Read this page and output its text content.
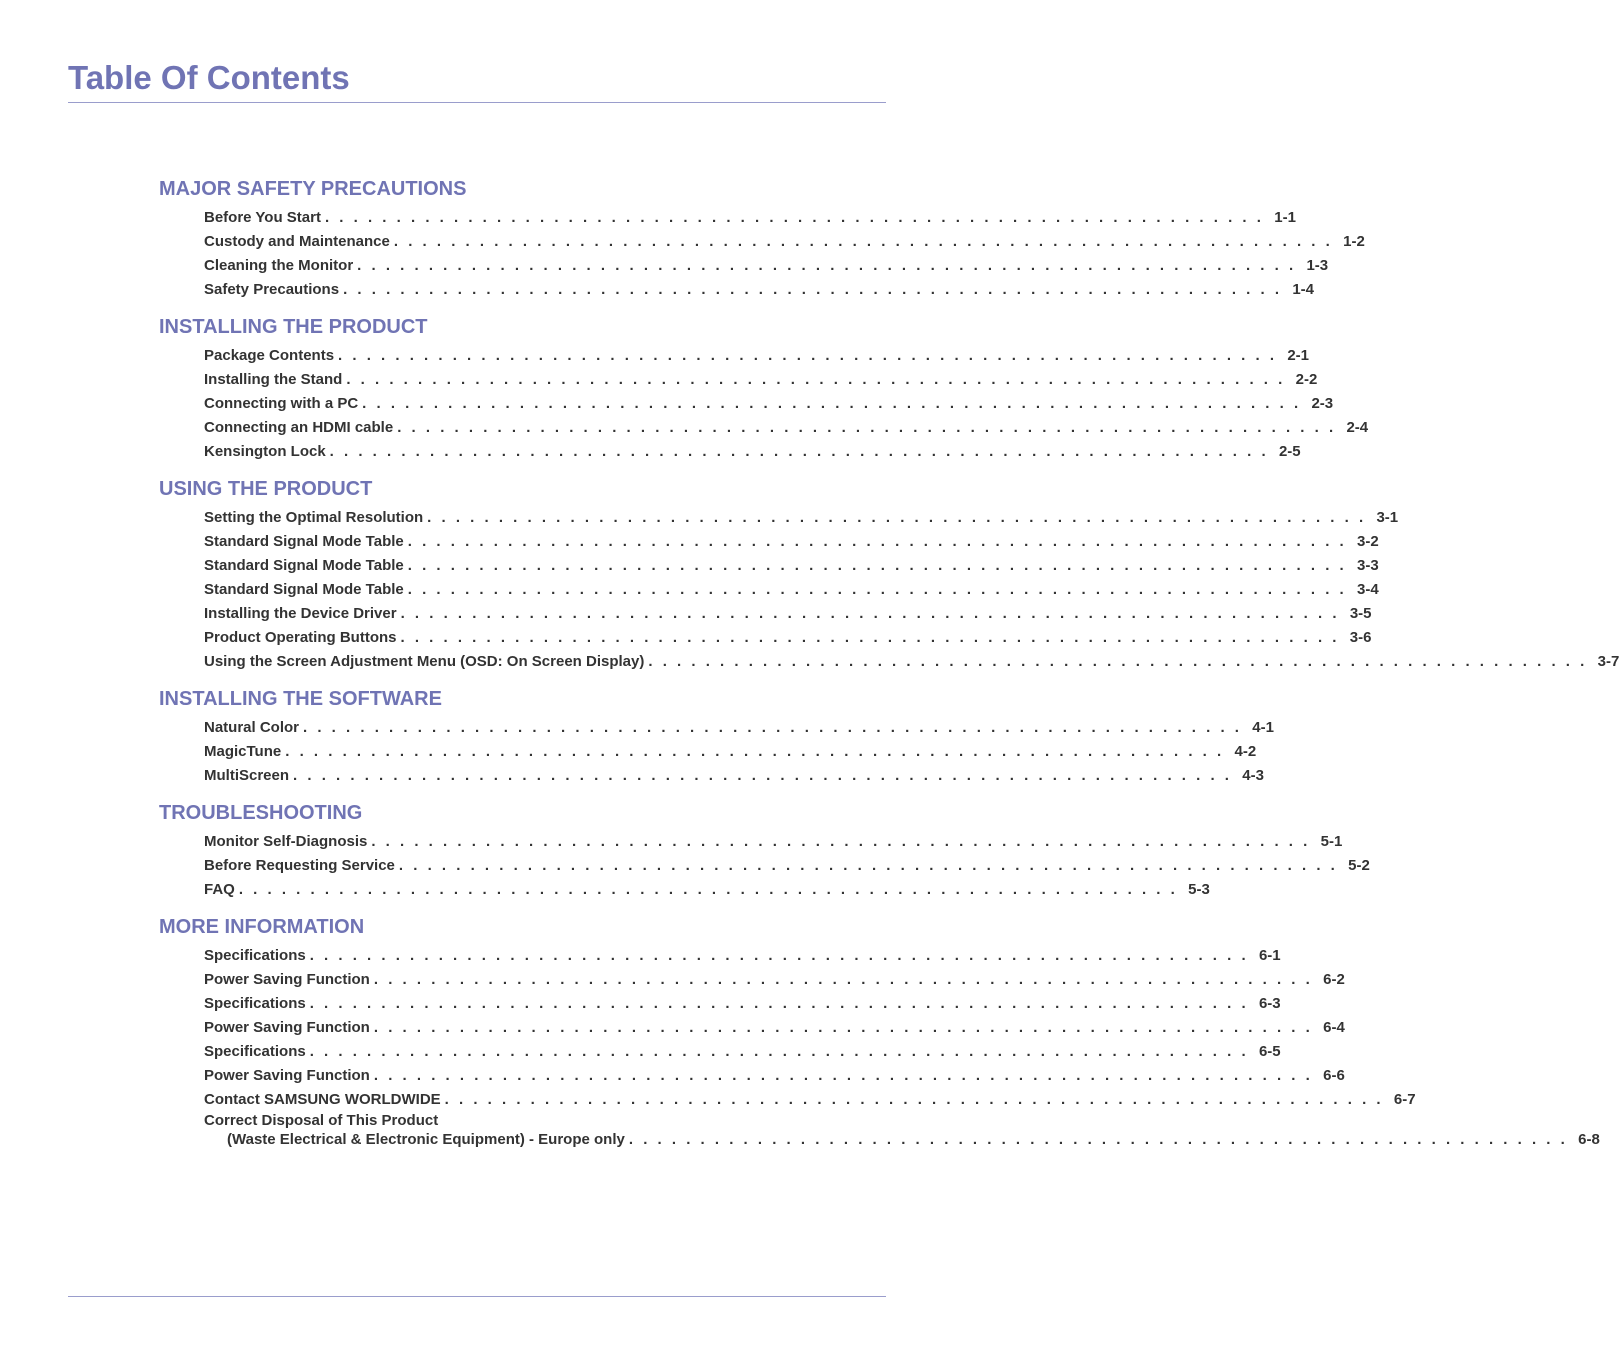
Table Of Contents
MAJOR SAFETY PRECAUTIONS
Before You Start . . . . . . . . . . . . . . . . . . . . . . . . . . . . . . . . . . . . . . . . . . . . . . . . . . . . . . . . . . . . . . . . . . 1-1
Custody and Maintenance . . . . . . . . . . . . . . . . . . . . . . . . . . . . . . . . . . . . . . . . . . . . . . . . . . . . . . . . . . . . . . . . . . 1-2
Cleaning the Monitor . . . . . . . . . . . . . . . . . . . . . . . . . . . . . . . . . . . . . . . . . . . . . . . . . . . . . . . . . . . . . . . . . . 1-3
Safety Precautions . . . . . . . . . . . . . . . . . . . . . . . . . . . . . . . . . . . . . . . . . . . . . . . . . . . . . . . . . . . . . . . . . . 1-4
INSTALLING THE PRODUCT
Package Contents . . . . . . . . . . . . . . . . . . . . . . . . . . . . . . . . . . . . . . . . . . . . . . . . . . . . . . . . . . . . . . . . . . 2-1
Installing the Stand . . . . . . . . . . . . . . . . . . . . . . . . . . . . . . . . . . . . . . . . . . . . . . . . . . . . . . . . . . . . . . . . . . 2-2
Connecting with a PC . . . . . . . . . . . . . . . . . . . . . . . . . . . . . . . . . . . . . . . . . . . . . . . . . . . . . . . . . . . . . . . . . . 2-3
Connecting an HDMI cable . . . . . . . . . . . . . . . . . . . . . . . . . . . . . . . . . . . . . . . . . . . . . . . . . . . . . . . . . . . . . . . . . . 2-4
Kensington Lock . . . . . . . . . . . . . . . . . . . . . . . . . . . . . . . . . . . . . . . . . . . . . . . . . . . . . . . . . . . . . . . . . . 2-5
USING THE PRODUCT
Setting the Optimal Resolution . . . . . . . . . . . . . . . . . . . . . . . . . . . . . . . . . . . . . . . . . . . . . . . . . . . . . . . . . . . . . . . . . . 3-1
Standard Signal Mode Table . . . . . . . . . . . . . . . . . . . . . . . . . . . . . . . . . . . . . . . . . . . . . . . . . . . . . . . . . . . . . . . . . . 3-2
Standard Signal Mode Table . . . . . . . . . . . . . . . . . . . . . . . . . . . . . . . . . . . . . . . . . . . . . . . . . . . . . . . . . . . . . . . . . . 3-3
Standard Signal Mode Table . . . . . . . . . . . . . . . . . . . . . . . . . . . . . . . . . . . . . . . . . . . . . . . . . . . . . . . . . . . . . . . . . . 3-4
Installing the Device Driver . . . . . . . . . . . . . . . . . . . . . . . . . . . . . . . . . . . . . . . . . . . . . . . . . . . . . . . . . . . . . . . . . . 3-5
Product Operating Buttons . . . . . . . . . . . . . . . . . . . . . . . . . . . . . . . . . . . . . . . . . . . . . . . . . . . . . . . . . . . . . . . . . . 3-6
Using the Screen Adjustment Menu (OSD: On Screen Display) . . . . . . . . . . . . . . . . . . . . . . . . . . . . . . . . . . . . . . . . . . . . . . . . . . . . . . . . . . . . . . . . . . 3-7
INSTALLING THE SOFTWARE
Natural Color . . . . . . . . . . . . . . . . . . . . . . . . . . . . . . . . . . . . . . . . . . . . . . . . . . . . . . . . . . . . . . . . . . 4-1
MagicTune . . . . . . . . . . . . . . . . . . . . . . . . . . . . . . . . . . . . . . . . . . . . . . . . . . . . . . . . . . . . . . . . . . 4-2
MultiScreen . . . . . . . . . . . . . . . . . . . . . . . . . . . . . . . . . . . . . . . . . . . . . . . . . . . . . . . . . . . . . . . . . . 4-3
TROUBLESHOOTING
Monitor Self-Diagnosis . . . . . . . . . . . . . . . . . . . . . . . . . . . . . . . . . . . . . . . . . . . . . . . . . . . . . . . . . . . . . . . . . . 5-1
Before Requesting Service . . . . . . . . . . . . . . . . . . . . . . . . . . . . . . . . . . . . . . . . . . . . . . . . . . . . . . . . . . . . . . . . . . 5-2
FAQ . . . . . . . . . . . . . . . . . . . . . . . . . . . . . . . . . . . . . . . . . . . . . . . . . . . . . . . . . . . . . . . . . . 5-3
MORE INFORMATION
Specifications . . . . . . . . . . . . . . . . . . . . . . . . . . . . . . . . . . . . . . . . . . . . . . . . . . . . . . . . . . . . . . . . . . 6-1
Power Saving Function . . . . . . . . . . . . . . . . . . . . . . . . . . . . . . . . . . . . . . . . . . . . . . . . . . . . . . . . . . . . . . . . . . 6-2
Specifications . . . . . . . . . . . . . . . . . . . . . . . . . . . . . . . . . . . . . . . . . . . . . . . . . . . . . . . . . . . . . . . . . . 6-3
Power Saving Function . . . . . . . . . . . . . . . . . . . . . . . . . . . . . . . . . . . . . . . . . . . . . . . . . . . . . . . . . . . . . . . . . . 6-4
Specifications . . . . . . . . . . . . . . . . . . . . . . . . . . . . . . . . . . . . . . . . . . . . . . . . . . . . . . . . . . . . . . . . . . 6-5
Power Saving Function . . . . . . . . . . . . . . . . . . . . . . . . . . . . . . . . . . . . . . . . . . . . . . . . . . . . . . . . . . . . . . . . . . 6-6
Contact SAMSUNG WORLDWIDE . . . . . . . . . . . . . . . . . . . . . . . . . . . . . . . . . . . . . . . . . . . . . . . . . . . . . . . . . . . . . . . . . . 6-7
Correct Disposal of This Product
(Waste Electrical & Electronic Equipment) - Europe only . . . . . . . . . . . . . . . . . . . . . . . . . . . . . . . . . . . . . . . . . . . . . . . . . . . . . . . . . . . . . . . . . . 6-8
